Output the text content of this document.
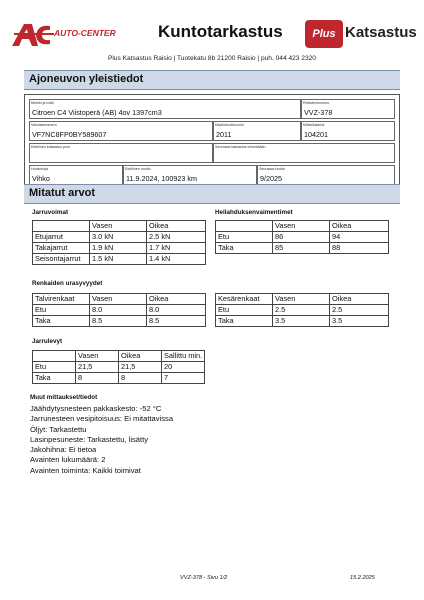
AUTO-CENTER Kuntotarkastus	Plus Katsastus
Plus Katsastus Raisio | Tuotekatu 8b 21200 Raisio | puh. 044 423 2320
Ajoneuvon yleistiedot
Merkki ja malli
Citroen C4 Viistoperä (AB) 4ov 1397cm3
Rekisterinumero
VVZ-378
Valmistenumero
VF7NC8FP0BY589607
Käyttöönottovuosi
2011
Mittarilukema
104201
Edellinen katsastus pvm.	Seuraava katsastus viimeistään
Huoltokirja
Vihko
Edellinen huolto
11.9.2024, 100923 km
Seuraava huolto
9/2025
Mitatut arvot
Jarruvoimat
	Vasen	Oikea
Etujarrut	3.0 kN	2.5 kN
Takajarrut	1.9 kN	1.7 kN
Seisontajarrut	1.5 kN	1.4 kN
Heilahduksenvaimentimet
	Vasen	Oikea
Etu	86	94
Taka	85	88
Renkaiden urasyvyydet
Talvirenkaat	Vasen	Oikea
Etu	8.0	8.0
Taka	8.5	8.5
Kesärenkaat	Vasen	Oikea
Etu	2.5	2.5
Taka	3.5	3.5
Jarrulevyt
	Vasen	Oikea	Sallittu min.
Etu	21,5	21,5	20
Taka	8	8	7
Muut mittaukset/tiedot
Jäähdytysnesteen pakkaskesto: -52 °C
Jarrunesteen vesipitoisuus: Ei mitattavissa
Öljyt: Tarkastettu
Lasinpesuneste: Tarkastettu, lisätty
Jakohihna: Ei tietoa
Avainten lukumäärä: 2
Avainten toiminta: Kaikki toimivat
VVZ-378 - Sivu 1/2	15.2.2025
